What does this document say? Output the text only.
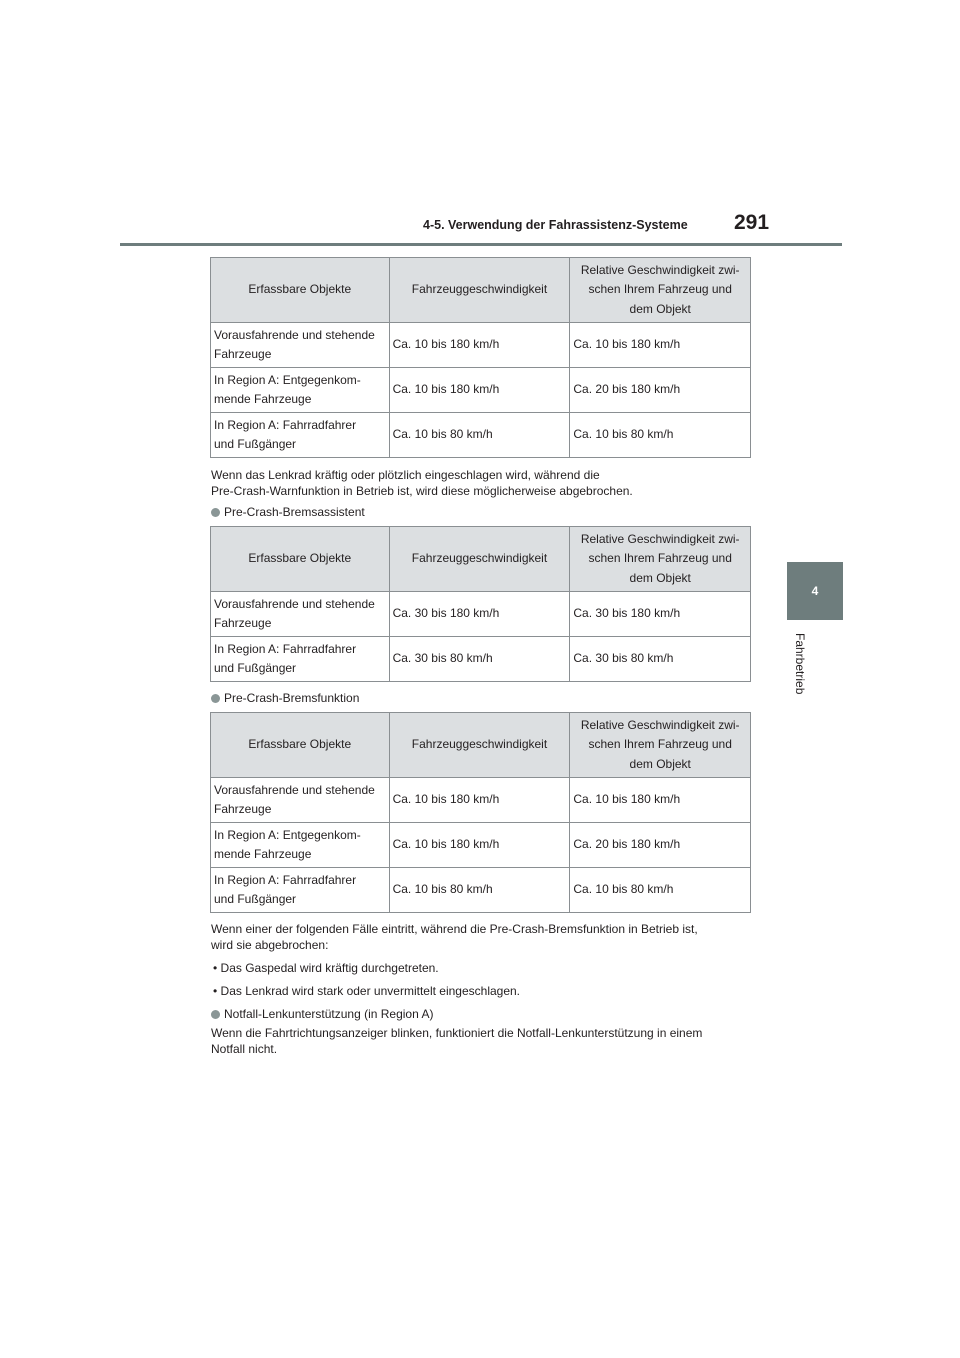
4-5. Verwendung der Fahrassistenz-Systeme 291
4
Fahrbetrieb
Erfassbare Objekte	Fahrzeuggeschwindigkeit	Relative Geschwindigkeit zwi-
schen Ihrem Fahrzeug und
dem Objekt
Vorausfahrende und stehende
Fahrzeuge	Ca. 10 bis 180 km/h	Ca. 10 bis 180 km/h
In Region A: Entgegenkom-
mende Fahrzeuge	Ca. 10 bis 180 km/h	Ca. 20 bis 180 km/h
In Region A: Fahrradfahrer
und Fußgänger	Ca. 10 bis 80 km/h	Ca. 10 bis 80 km/h
Wenn das Lenkrad kräftig oder plötzlich eingeschlagen wird, während die
Pre-Crash-Warnfunktion in Betrieb ist, wird diese möglicherweise abgebrochen.
Pre-Crash-Bremsassistent
Erfassbare Objekte	Fahrzeuggeschwindigkeit	Relative Geschwindigkeit zwi-
schen Ihrem Fahrzeug und
dem Objekt
Vorausfahrende und stehende
Fahrzeuge	Ca. 30 bis 180 km/h	Ca. 30 bis 180 km/h
In Region A: Fahrradfahrer
und Fußgänger	Ca. 30 bis 80 km/h	Ca. 30 bis 80 km/h
Pre-Crash-Bremsfunktion
Erfassbare Objekte	Fahrzeuggeschwindigkeit	Relative Geschwindigkeit zwi-
schen Ihrem Fahrzeug und
dem Objekt
Vorausfahrende und stehende
Fahrzeuge	Ca. 10 bis 180 km/h	Ca. 10 bis 180 km/h
In Region A: Entgegenkom-
mende Fahrzeuge	Ca. 10 bis 180 km/h	Ca. 20 bis 180 km/h
In Region A: Fahrradfahrer
und Fußgänger	Ca. 10 bis 80 km/h	Ca. 10 bis 80 km/h
Wenn einer der folgenden Fälle eintritt, während die Pre-Crash-Bremsfunktion in Betrieb ist,
wird sie abgebrochen:
• Das Gaspedal wird kräftig durchgetreten.
• Das Lenkrad wird stark oder unvermittelt eingeschlagen.
Notfall-Lenkunterstützung (in Region A)
Wenn die Fahrtrichtungsanzeiger blinken, funktioniert die Notfall-Lenkunterstützung in einem
Notfall nicht.
